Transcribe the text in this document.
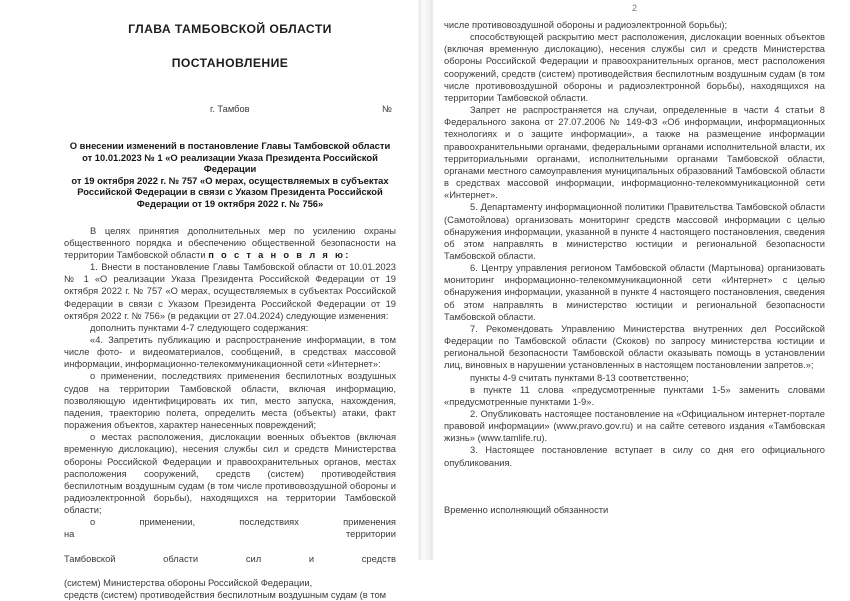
ГЛАВА ТАМБОВСКОЙ ОБЛАСТИ
ПОСТАНОВЛЕНИЕ
г. Тамбов	№
О внесении изменений в постановление Главы Тамбовской области
от 10.01.2023 № 1 «О реализации Указа Президента Российской
Федерации
от 19 октября 2022 г. № 757 «О мерах, осуществляемых в субъектах
Российской Федерации в связи с Указом Президента Российской
Федерации от 19 октября 2022 г. № 756»

В целях принятия дополнительных мер по усилению охраны общественного порядка и обеспечению общественной безопасности на территории Тамбовской области п о с т а н о в л я ю:

1. Внести в постановление Главы Тамбовской области от 10.01.2023 № 1 «О реализации Указа Президента Российской Федерации от 19 октября 2022 г. № 757 «О мерах, осуществляемых в субъектах Российской Федерации в связи с Указом Президента Российской Федерации от 19 октября 2022 г. № 756» (в редакции от 27.04.2024) следующие изменения:

дополнить пунктами 4-7 следующего содержания:

«4. Запретить публикацию и распространение информации, в том числе фото- и видеоматериалов, сообщений, в средствах массовой информации, информационно-телекоммуникационной сети «Интернет»:

о применении, последствиях применения беспилотных воздушных судов на территории Тамбовской области, включая информацию, позволяющую идентифицировать их тип, место запуска, нахождения, падения, траекторию полета, определить места (объекты) атаки, факт поражения объектов, характер нанесенных повреждений;

о местах расположения, дислокации военных объектов (включая временную дислокацию), несения службы сил и средств Министерства обороны Российской Федерации и правоохранительных органов, местах расположения сооружений, средств (систем) противодействия беспилотным воздушным судам (в том числе противовоздушной обороны и радиоэлектронной борьбы), находящихся на территории Тамбовской области;

о применении, последствиях применения на территории

Тамбовской области сил и средств

(систем) Министерства обороны Российской Федерации,

средств (систем) противодействия беспилотным воздушным судам (в том

2

числе противовоздушной обороны и радиоэлектронной борьбы);

способствующей раскрытию мест расположения, дислокации военных объектов (включая временную дислокацию), несения службы сил и средств Министерства обороны Российской Федерации и правоохранительных органов, мест расположения сооружений, средств (систем) противодействия беспилотным воздушным судам (в том числе противовоздушной обороны и радиоэлектронной борьбы), находящихся на территории Тамбовской области.

Запрет не распространяется на случаи, определенные в части 4 статьи 8 Федерального закона от 27.07.2006 № 149-ФЗ «Об информации, информационных технологиях и о защите информации», а также на размещение информации правоохранительными органами, федеральными органами исполнительной власти, их территориальными органами, исполнительными органами Тамбовской области, органами местного самоуправления муниципальных образований Тамбовской области в средствах массовой информации, информационно-телекоммуникационной сети «Интернет».

5. Департаменту информационной политики Правительства Тамбовской области (Самотойлова) организовать мониторинг средств массовой информации с целью обнаружения информации, указанной в пункте 4 настоящего постановления, сведения об этом направлять в министерство юстиции и региональной безопасности Тамбовской области.

6. Центру управления регионом Тамбовской области (Мартынова) организовать мониторинг информационно-телекоммуникационной сети «Интернет» с целью обнаружения информации, указанной в пункте 4 настоящего постановления, сведения об этом направлять в министерство юстиции и региональной безопасности Тамбовской области.

7. Рекомендовать Управлению Министерства внутренних дел Российской Федерации по Тамбовской области (Скоков) по запросу министерства юстиции и региональной безопасности Тамбовской области оказывать помощь в установлении лиц, виновных в нарушении установленных в настоящем постановлении запретов.»;

пункты 4-9 считать пунктами 8-13 соответственно;

в пункте 11 слова «предусмотренные пунктами 1-5» заменить словами «предусмотренные пунктами 1-9».

2. Опубликовать настоящее постановление на «Официальном интернет-портале правовой информации» (www.pravo.gov.ru) и на сайте сетевого издания «Тамбовская жизнь» (www.tamlife.ru).

3. Настоящее постановление вступает в силу со дня его официального опубликования.

Временно исполняющий обязанности
